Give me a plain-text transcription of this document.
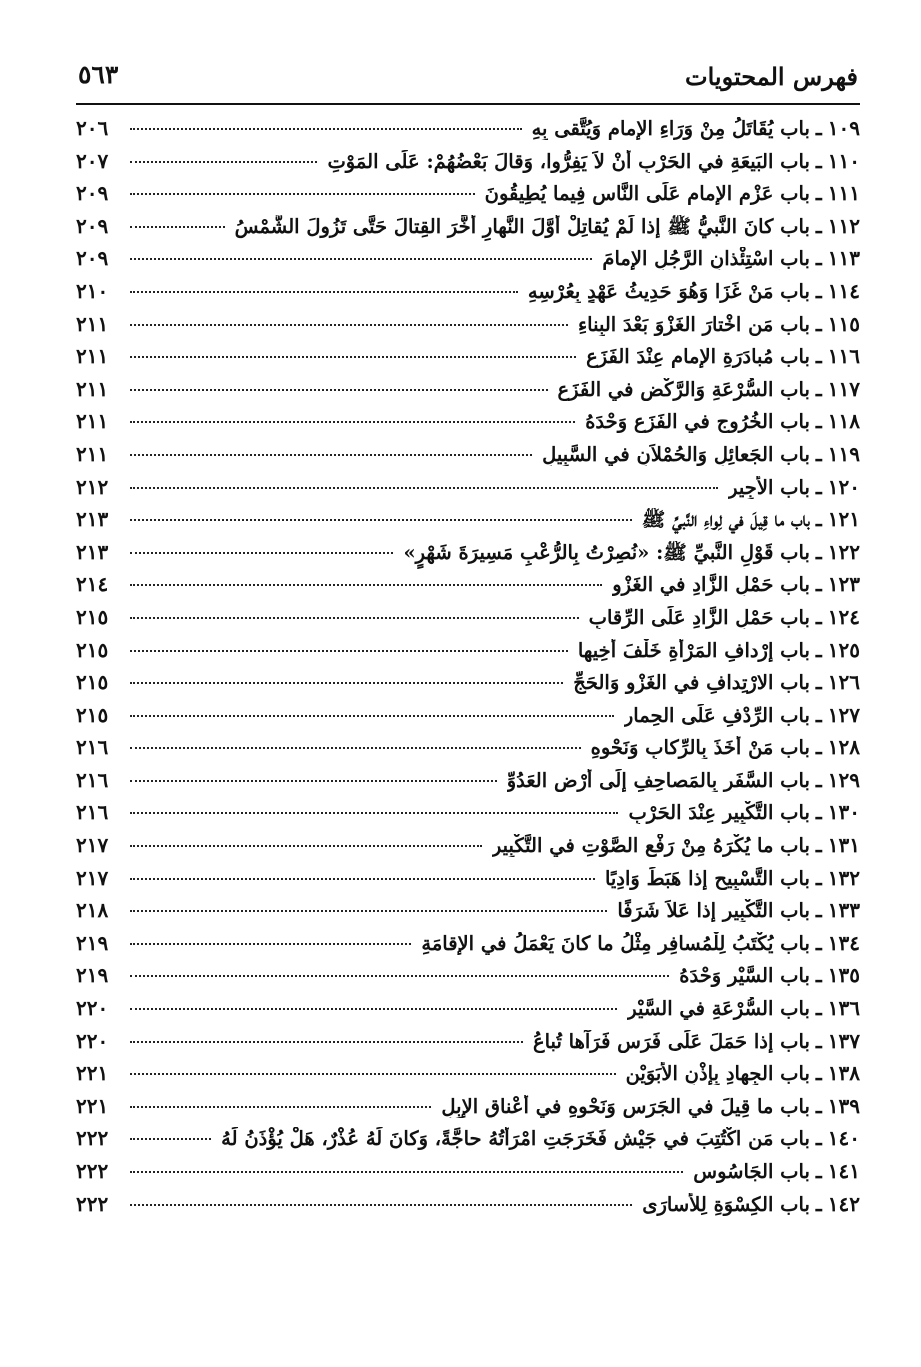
فهرس المحتويات
٥٦٣
١٠٩
ـ
باب يُقَاتَلُ مِنْ وَرَاءِ الإمامِ وَيُتَّقى بِهِ
٢٠٦
١١٠
ـ
باب البَيعَةِ في الحَرْبِ أَنْ لاَ يَفِرُّوا، وَقالَ بَعْضُهُمْ: عَلَى المَوْتِ
٢٠٧
١١١
ـ
باب عَزْمِ الإمامِ عَلَى النَّاسِ فِيما يُطِيقُونَ
٢٠٩
١١٢
ـ
باب كانَ النَّبيُّ ﷺ إذا لَمْ يُقاتِلْ أَوَّلَ النَّهارِ أَخَّرَ القِتالَ حَتَّى تَزُولَ الشَّمْسُ
٢٠٩
١١٣
ـ
باب اسْتِئْذانِ الرَّجُلِ الإمامَ
٢٠٩
١١٤
ـ
باب مَنْ غَزَا وَهُوَ حَدِيثُ عَهْدٍ بِعُرْسِهِ
٢١٠
١١٥
ـ
باب مَنِ اخْتارَ الغَزْوَ بَعْدَ البِناءِ
٢١١
١١٦
ـ
باب مُبادَرَةِ الإمامِ عِنْدَ الفَزَعِ
٢١١
١١٧
ـ
باب السُّرْعَةِ وَالرَّكْضِ في الفَزَعِ
٢١١
١١٨
ـ
باب الخُرُوجِ في الفَزَعِ وَحْدَهُ
٢١١
١١٩
ـ
باب الجَعائِلِ وَالحُمْلاَنِ في السَّبِيلِ
٢١١
١٢٠
ـ
باب الأَجِيرِ
٢١٢
١٢١
ـ
باب ما قِيلَ في لِواءِ النَّبيِّ ﷺ
٢١٣
١٢٢
ـ
باب قَوْلِ النَّبيِّ ﷺ: «نُصِرْتُ بِالرُّعْبِ مَسِيرَةَ شَهْرٍ»
٢١٣
١٢٣
ـ
باب حَمْلِ الزَّادِ في الغَزْوِ
٢١٤
١٢٤
ـ
باب حَمْلِ الزَّادِ عَلَى الرِّقابِ
٢١٥
١٢٥
ـ
باب إِرْدافِ المَرْأَةِ خَلْفَ أَخِيها
٢١٥
١٢٦
ـ
باب الارْتِدافِ في الغَزْوِ وَالحَجِّ
٢١٥
١٢٧
ـ
باب الرِّدْفِ عَلَى الحِمارِ
٢١٥
١٢٨
ـ
باب مَنْ أَخَذَ بِالرِّكابِ وَنَحْوِهِ
٢١٦
١٢٩
ـ
باب السَّفَرِ بِالمَصاحِفِ إِلَى أَرْضِ العَدُوِّ
٢١٦
١٣٠
ـ
باب التَّكْبِيرِ عِنْدَ الحَرْبِ
٢١٦
١٣١
ـ
باب ما يُكْرَهُ مِنْ رَفْعِ الصَّوْتِ في التَّكْبِيرِ
٢١٧
١٣٢
ـ
باب التَّسْبِيحِ إذا هَبَطَ وَادِيًا
٢١٧
١٣٣
ـ
باب التَّكْبِيرِ إذا عَلاَ شَرَفًا
٢١٨
١٣٤
ـ
باب يُكْتَبُ لِلْمُسافِرِ مِثْلُ ما كانَ يَعْمَلُ في الإقامَةِ
٢١٩
١٣٥
ـ
باب السَّيْرِ وَحْدَهُ
٢١٩
١٣٦
ـ
باب السُّرْعَةِ في السَّيْرِ
٢٢٠
١٣٧
ـ
باب إذا حَمَلَ عَلَى فَرَسٍ فَرَآها تُباعُ
٢٢٠
١٣٨
ـ
باب الجِهادِ بِإِذْنِ الأَبَوَيْنِ
٢٢١
١٣٩
ـ
باب ما قِيلَ في الجَرَسِ وَنَحْوِهِ في أَعْناقِ الإِبِلِ
٢٢١
١٤٠
ـ
باب مَنِ اكْتُتِبَ في جَيْشٍ فَخَرَجَتِ امْرَأَتُهُ حاجَّةً، وَكانَ لَهُ عُذْرٌ، هَلْ يُؤْذَنُ لَهُ
٢٢٢
١٤١
ـ
باب الجَاسُوسِ
٢٢٢
١٤٢
ـ
باب الكِسْوَةِ لِلأُسارَى
٢٢٢
